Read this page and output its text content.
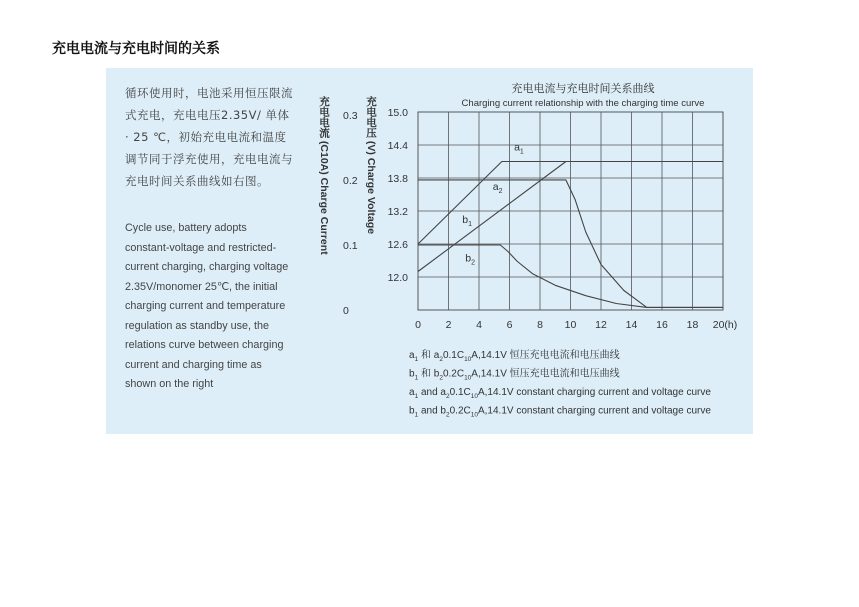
充电电流与充电时间的关系
循环使用时，电池采用恒压限流式充电，充电电压2.35V/ 单体 · 25 ℃，初始充电电流和温度调节同于浮充使用，充电电流与充电时间关系曲线如右图。
Cycle use, battery adopts constant-voltage and restricted-current charging, charging voltage 2.35V/monomer 25℃, the initial charging current and temperature regulation as standby use, the relations curve between charging current and charging time as shown on the right
充电电流 (C10A) Charge Current	充电电压 (V) Charge Voltage
充电电流与充电时间关系曲线
Charging current relationship with the charging time curve
0 2 4 6 8 10 12 14 16 18 20(h)
15.0
14.4
13.8
13.2
12.6
12.0
0.3
0.2
0.1
0
$a_1$
$a_2$
$b_1$
$b_2$
$a_1$ 和 $a_20.1C_{10}A,14.1V$ 恒压充电电流和电压曲线
$b_1$ 和 $b_20.2C_{10}A,14.1V$ 恒压充电电流和电压曲线
$a_1$ and $a_20.1C_{10}A,14.1V$ constant charging current and voltage curve
$b_1$ and $b_20.2C_{10}A,14.1V$ constant charging current and voltage curve
